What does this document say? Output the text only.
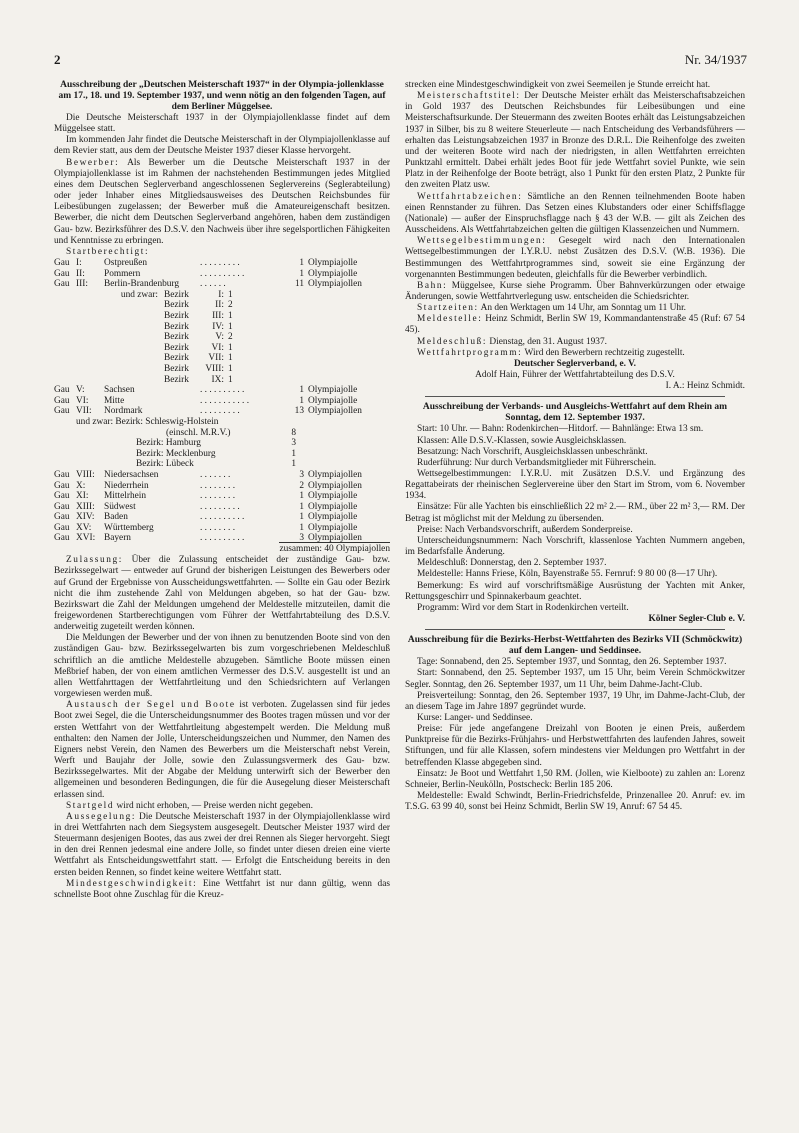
2	Nr. 34/1937

Ausschreibung der „Deutschen Meisterschaft 1937“ in der Olympia-jollenklasse am 17., 18. und 19. September 1937, und wenn nötig an den folgenden Tagen, auf dem Berliner Müggelsee.

Die Deutsche Meisterschaft 1937 in der Olympiajollenklasse findet auf dem Müggelsee statt.

Im kommenden Jahr findet die Deutsche Meisterschaft in der Olympiajollenklasse auf dem Revier statt, aus dem der Deutsche Meister 1937 dieser Klasse hervorgeht.

Bewerber: Als Bewerber um die Deutsche Meisterschaft 1937 in der Olympiajollenklasse ist im Rahmen der nachstehenden Bestimmungen jedes Mitglied eines dem Deutschen Seglerverband angeschlossenen Seglervereins (Seglerabteilung) oder jeder Inhaber eines Mitgliedsausweises des Deutschen Reichsbundes für Leibesübungen zugelassen; der Bewerber muß die Amateureigenschaft besitzen. Bewerber, die nicht dem Deutschen Seglerverband angehören, haben dem zuständigen Gau- bzw. Bezirksführer des D.S.V. den Nachweis über ihre segelsportlichen Fähigkeiten und Kenntnisse zu erbringen.

Startberechtigt:

Gau	I:	Ostpreußen	. . . . . . . . .	1	Olympiajolle
Gau	II:	Pommern	. . . . . . . . . .	1	Olympiajolle
Gau	III:	Berlin-Brandenburg	. . . . . .	11	Olympiajollen
und zwar:	Bezirk	I:	1	
	Bezirk	II:	2	
	Bezirk	III:	1	
	Bezirk	IV:	1	
	Bezirk	V:	2	
	Bezirk	VI:	1	
	Bezirk	VII:	1	
	Bezirk	VIII:	1	
	Bezirk	IX:	1	
Gau	V:	Sachsen	. . . . . . . . . .	1	Olympiajolle
Gau	VI:	Mitte	. . . . . . . . . . .	1	Olympiajolle
Gau	VII:	Nordmark	. . . . . . . . .	13	Olympiajollen
	und zwar: Bezirk: Schleswig-Holstein		
	(einschl. M.R.V.)	8	
	Bezirk: Hamburg	3	
	Bezirk: Mecklenburg	1	
	Bezirk: Lübeck	1	
Gau	VIII:	Niedersachsen	. . . . . . .	3	Olympiajollen
Gau	X:	Niederrhein	. . . . . . . .	2	Olympiajollen
Gau	XI:	Mittelrhein	. . . . . . . .	1	Olympiajolle
Gau	XIII:	Südwest	. . . . . . . . .	1	Olympiajolle
Gau	XIV:	Baden	. . . . . . . . . .	1	Olympiajolle
Gau	XV:	Württemberg	. . . . . . . .	1	Olympiajolle
Gau	XVI:	Bayern	. . . . . . . . . .	3	Olympiajollen
zusammen: 40 Olympiajollen

Zulassung: Über die Zulassung entscheidet der zuständige Gau- bzw. Bezirkssegelwart — entweder auf Grund der bisherigen Leistungen des Bewerbers oder auf Grund der Ergebnisse von Ausscheidungswettfahrten. — Sollte ein Gau oder Bezirk nicht die ihm zustehende Zahl von Meldungen abgeben, so hat der Gau- bzw. Bezirkswart die Zahl der Meldungen umgehend der Meldestelle mitzuteilen, damit die freigewordenen Startberechtigungen vom Führer der Wettfahrtabteilung des D.S.V. anderweitig zugeteilt werden können.

Die Meldungen der Bewerber und der von ihnen zu benutzenden Boote sind von den zuständigen Gau- bzw. Bezirkssegelwarten bis zum vorgeschriebenen Meldeschluß schriftlich an die amtliche Meldestelle abzugeben. Sämtliche Boote müssen einen Meßbrief haben, der von einem amtlichen Vermesser des D.S.V. ausgestellt ist und an allen Wettfahrttagen der Wettfahrtleitung und den Schiedsrichtern auf Verlangen vorgewiesen werden muß.

Austausch der Segel und Boote ist verboten. Zugelassen sind für jedes Boot zwei Segel, die die Unterscheidungsnummer des Bootes tragen müssen und vor der ersten Wettfahrt von der Wettfahrtleitung abgestempelt werden. Die Meldung muß enthalten: den Namen der Jolle, Unterscheidungszeichen und Nummer, den Namen des Eigners nebst Verein, den Namen des Bewerbers um die Meisterschaft nebst Verein, Werft und Baujahr der Jolle, sowie den Zulassungsvermerk des Gau- bzw. Bezirkssegelwartes. Mit der Abgabe der Meldung unterwirft sich der Bewerber den allgemeinen und besonderen Bedingungen, die für die Ausegelung dieser Meisterschaft erlassen sind.

Startgeld wird nicht erhoben, — Preise werden nicht gegeben.

Aussegelung: Die Deutsche Meisterschaft 1937 in der Olympiajollenklasse wird in drei Wettfahrten nach dem Siegsystem ausgesegelt. Deutscher Meister 1937 wird der Steuermann desjenigen Bootes, das aus zwei der drei Rennen als Sieger hervorgeht. Siegt in den drei Rennen jedesmal eine andere Jolle, so findet unter diesen dreien eine vierte Wettfahrt als Entscheidungswettfahrt statt. — Erfolgt die Entscheidung bereits in den ersten beiden Rennen, so findet keine weitere Wettfahrt statt.

Mindestgeschwindigkeit: Eine Wettfahrt ist nur dann gültig, wenn das schnellste Boot ohne Zuschlag für die Kreuz-

strecken eine Mindestgeschwindigkeit von zwei Seemeilen je Stunde erreicht hat.

Meisterschaftstitel: Der Deutsche Meister erhält das Meisterschaftsabzeichen in Gold 1937 des Deutschen Reichsbundes für Leibesübungen und eine Meisterschaftsurkunde. Der Steuermann des zweiten Bootes erhält das Leistungsabzeichen 1937 in Silber, bis zu 8 weitere Steuerleute — nach Entscheidung des Verbandsführers — erhalten das Leistungsabzeichen 1937 in Bronze des D.R.L. Die Reihenfolge des zweiten und der weiteren Boote wird nach der niedrigsten, in allen Wettfahrten erreichten Punktzahl ermittelt. Dabei erhält jedes Boot für jede Wettfahrt soviel Punkte, wie sein Platz in der Reihenfolge der Boote beträgt, also 1 Punkt für den ersten Platz, 2 Punkte für den zweiten Platz usw.

Wettfahrtabzeichen: Sämtliche an den Rennen teilnehmenden Boote haben einen Rennstander zu führen. Das Setzen eines Klubstanders oder einer Schiffsflagge (Nationale) — außer der Einspruchsflagge nach § 43 der W.B. — gilt als Zeichen des Ausscheidens. Als Wettfahrtabzeichen gelten die gültigen Klassenzeichen und Nummern.

Wettsegelbestimmungen: Gesegelt wird nach den Internationalen Wettsegelbestimmungen der I.Y.R.U. nebst Zusätzen des D.S.V. (W.B. 1936). Die Bestimmungen des Wettfahrtprogrammes sind, soweit sie eine Ergänzung der vorgenannten Bestimmungen bedeuten, gleichfalls für die Bewerber verbindlich.

Bahn: Müggelsee, Kurse siehe Programm. Über Bahnverkürzungen oder etwaige Änderungen, sowie Wettfahrtverlegung usw. entscheiden die Schiedsrichter.

Startzeiten: An den Werktagen um 14 Uhr, am Sonntag um 11 Uhr.

Meldestelle: Heinz Schmidt, Berlin SW 19, Kommandantenstraße 45 (Ruf: 67 54 45).

Meldeschluß: Dienstag, den 31. August 1937.

Wettfahrtprogramm: Wird den Bewerbern rechtzeitig zugestellt.

Deutscher Seglerverband, e. V.

Adolf Hain, Führer der Wettfahrtabteilung des D.S.V.

I. A.: Heinz Schmidt.

Ausschreibung der Verbands- und Ausgleichs-Wettfahrt auf dem Rhein am Sonntag, dem 12. September 1937.

Start: 10 Uhr. — Bahn: Rodenkirchen—Hitdorf. — Bahnlänge: Etwa 13 sm.

Klassen: Alle D.S.V.-Klassen, sowie Ausgleichsklassen.

Besatzung: Nach Vorschrift, Ausgleichsklassen unbeschränkt.

Ruderführung: Nur durch Verbandsmitglieder mit Führerschein.

Wettsegelbestimmungen: I.Y.R.U. mit Zusätzen D.S.V. und Ergänzung des Regattabeirats der rheinischen Seglervereine über den Start im Strom, vom 6. November 1934.

Einsätze: Für alle Yachten bis einschließlich 22 m² 2.— RM., über 22 m² 3,— RM. Der Betrag ist möglichst mit der Meldung zu übersenden.

Preise: Nach Verbandsvorschrift, außerdem Sonderpreise.

Unterscheidungsnummern: Nach Vorschrift, klassenlose Yachten Nummern angeben, im Bedarfsfalle Änderung.

Meldeschluß: Donnerstag, den 2. September 1937.

Meldestelle: Hanns Friese, Köln, Bayenstraße 55. Fernruf: 9 80 00 (8—17 Uhr).

Bemerkung: Es wird auf vorschriftsmäßige Ausrüstung der Yachten mit Anker, Rettungsgeschirr und Spinnakerbaum geachtet.

Programm: Wird vor dem Start in Rodenkirchen verteilt.

Kölner Segler-Club e. V.

Ausschreibung für die Bezirks-Herbst-Wettfahrten des Bezirks VII (Schmöckwitz) auf dem Langen- und Seddinsee.

Tage: Sonnabend, den 25. September 1937, und Sonntag, den 26. September 1937.

Start: Sonnabend, den 25. September 1937, um 15 Uhr, beim Verein Schmöckwitzer Segler. Sonntag, den 26. September 1937, um 11 Uhr, beim Dahme-Jacht-Club.

Preisverteilung: Sonntag, den 26. September 1937, 19 Uhr, im Dahme-Jacht-Club, der an diesem Tage im Jahre 1897 gegründet wurde.

Kurse: Langer- und Seddinsee.

Preise: Für jede angefangene Dreizahl von Booten je einen Preis, außerdem Punktpreise für die Bezirks-Frühjahrs- und Herbstwettfahrten des laufenden Jahres, soweit Stiftungen, und für alle Klassen, sofern mindestens vier Meldungen pro Wettfahrt in der betreffenden Klasse abgegeben sind.

Einsatz: Je Boot und Wettfahrt 1,50 RM. (Jollen, wie Kielboote) zu zahlen an: Lorenz Schneier, Berlin-Neukölln, Postscheck: Berlin 185 206.

Meldestelle: Ewald Schwindt, Berlin-Friedrichsfelde, Prinzenallee 20. Anruf: ev. im T.S.G. 63 99 40, sonst bei Heinz Schmidt, Berlin SW 19, Anruf: 67 54 45.
